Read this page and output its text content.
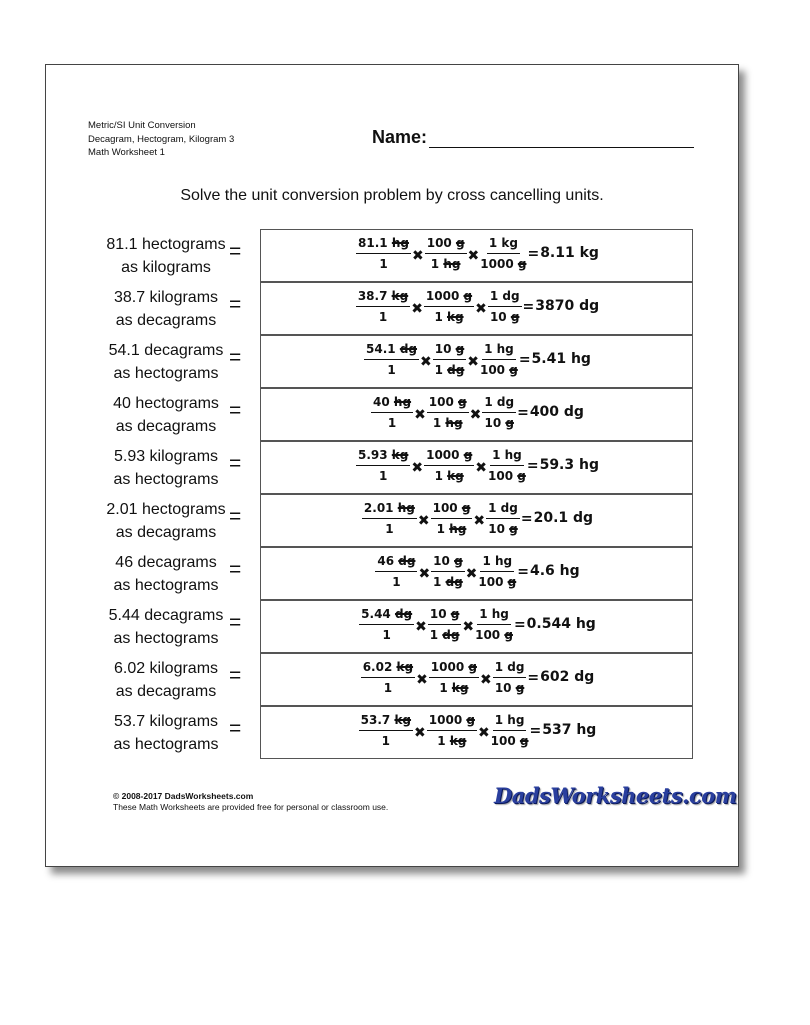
Metric/SI Unit Conversion
Decagram, Hectogram, Kilogram 3
Math Worksheet 1
Name:
Solve the unit conversion problem by cross cancelling units.
81.1 hectograms
as kilograms
=	$\frac{81.1 hg}{1}$ ✖ $\frac{100 g}{1 hg}$ ✖ $\frac{1 kg}{1000 g} = 8.11$ kg
38.7 kilograms
as decagrams
=	$\frac{38.7 kg}{1}$ ✖ $\frac{1000 g}{1 kg}$ ✖ $\frac{1 dg}{10 g} = 3870$ dg
54.1 decagrams
as hectograms
=	$\frac{54.1 dg}{1}$ ✖ $\frac{10 g}{1 dg}$ ✖ $\frac{1 hg}{100 g} = 5.41$ hg
40 hectograms
as decagrams
=	$\frac{40 hg}{1}$ ✖ $\frac{100 g}{1 hg}$ ✖ $\frac{1 dg}{10 g} = 400$ dg
5.93 kilograms
as hectograms
=	$\frac{5.93 kg}{1}$ ✖ $\frac{1000 g}{1 kg}$ ✖ $\frac{1 hg}{100 g} = 59.3$ hg
2.01 hectograms
as decagrams
=	$\frac{2.01 hg}{1}$ ✖ $\frac{100 g}{1 hg}$ ✖ $\frac{1 dg}{10 g} = 20.1$ dg
46 decagrams
as hectograms
=	$\frac{46 dg}{1}$ ✖ $\frac{10 g}{1 dg}$ ✖ $\frac{1 hg}{100 g} = 4.6$ hg
5.44 decagrams
as hectograms
=	$\frac{5.44 dg}{1}$ ✖ $\frac{10 g}{1 dg}$ ✖ $\frac{1 hg}{100 g} = 0.544$ hg
6.02 kilograms
as decagrams
=	$\frac{6.02 kg}{1}$ ✖ $\frac{1000 g}{1 kg}$ ✖ $\frac{1 dg}{10 g} = 602$ dg
53.7 kilograms
as hectograms
=	$\frac{53.7 kg}{1}$ ✖ $\frac{1000 g}{1 kg}$ ✖ $\frac{1 hg}{100 g} = 537$ hg
© 2008-2017 DadsWorksheets.com
These Math Worksheets are provided free for personal or classroom use.	DadsWorksheets.com
